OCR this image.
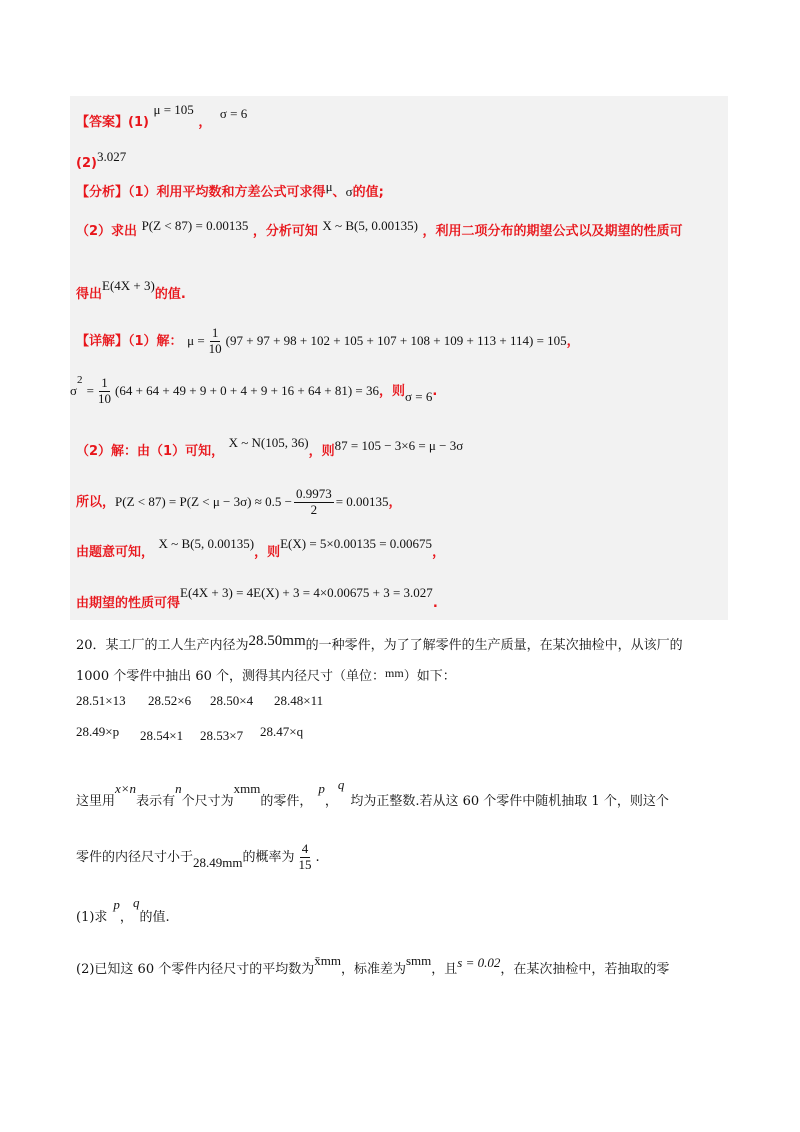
【答案】(1) μ = 105 ， σ = 6
(2)3.027
【分析】（1）利用平均数和方差公式可求得μ、σ的值;
（2）求出 P(Z < 87) = 0.00135 ，分析可知 X ~ B(5, 0.00135) ，利用二项分布的期望公式以及期望的性质可
得出E(4X + 3)的值.
【详解】（1）解： $\mu = \frac{1}{10} (97 + 97 + 98 + 102 + 105 + 107 + 108 + 109 + 113 + 114) = 105$，
$\sigma^2 = \frac{1}{10} (64 + 64 + 49 + 9 + 0 + 4 + 9 + 16 + 64 + 81) = 36$，则σ = 6.
（2）解：由（1）可知， X ~ N(105, 36)，则87 = 105 − 3×6 = μ − 3σ
所以，$P(Z < 87) = P(Z < \mu - 3\sigma) \approx 0.5 - \frac{0.9973}{2} = 0.00135$，
由题意可知， X ~ B(5, 0.00135)，则E(X) = 5×0.00135 = 0.00675，
由期望的性质可得E(4X + 3) = 4E(X) + 3 = 4×0.00675 + 3 = 3.027.
20．某工厂的工人生产内径为28.50mm的一种零件，为了了解零件的生产质量，在某次抽检中，从该厂的
1000 个零件中抽出 60 个，测得其内径尺寸（单位：mm）如下：
28.51×13 28.52×6 28.50×4 28.48×11
28.49×p 28.54×1 28.53×7 28.47×q
这里用x×n表示有n个尺寸为xmm的零件，p，q均为正整数.若从这 60 个零件中随机抽取 1 个，则这个
零件的内径尺寸小于28.49mm的概率为 $\frac{4}{15}$ .
(1)求p，q的值.
(2)已知这 60 个零件内径尺寸的平均数为x̄mm，标准差为smm，且s = 0.02，在某次抽检中，若抽取的零
